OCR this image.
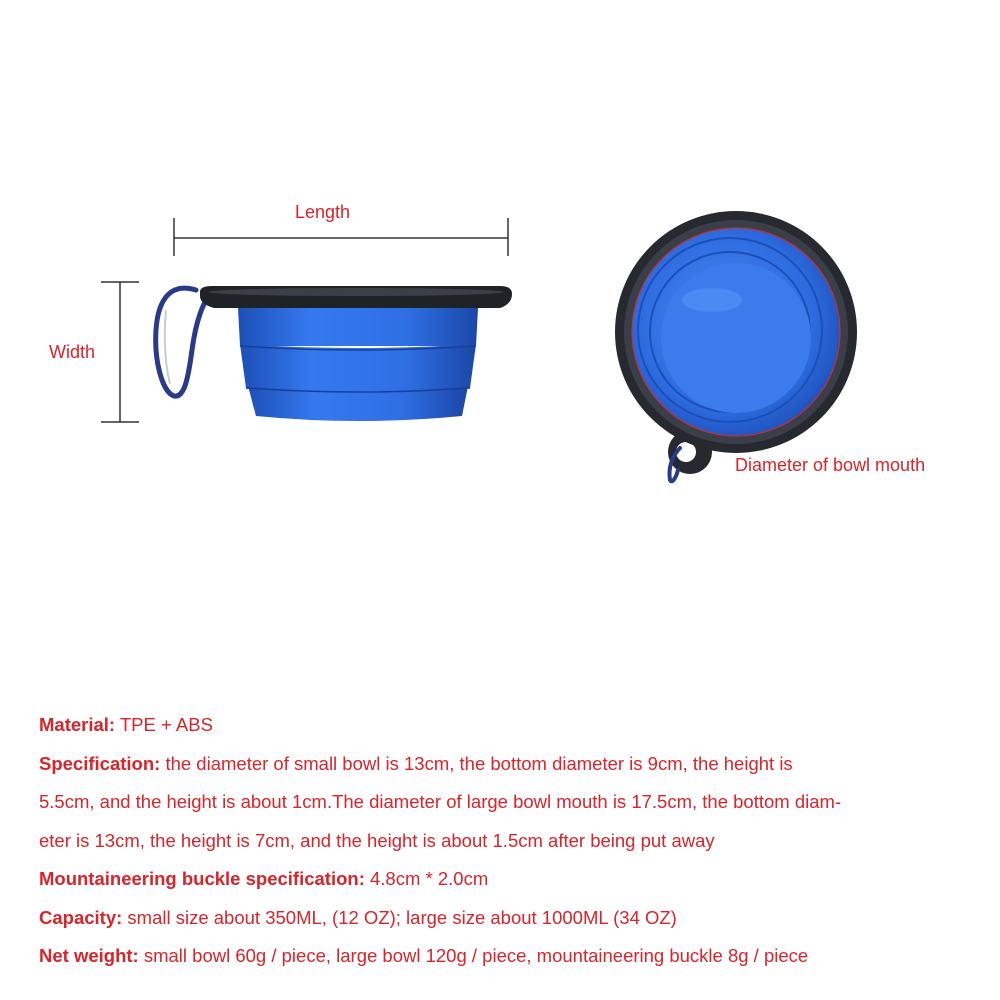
Length
Width
Diameter of bowl mouth

Material: TPE + ABS

Specification: the diameter of small bowl is 13cm, the bottom diameter is 9cm, the height is

5.5cm, and the height is about 1cm.The diameter of large bowl mouth is 17.5cm, the bottom diam-

eter is 13cm, the height is 7cm, and the height is about 1.5cm after being put away

Mountaineering buckle specification: 4.8cm * 2.0cm

Capacity: small size about 350ML, (12 OZ); large size about 1000ML (34 OZ)

Net weight: small bowl 60g / piece, large bowl 120g / piece, mountaineering buckle 8g / piece
